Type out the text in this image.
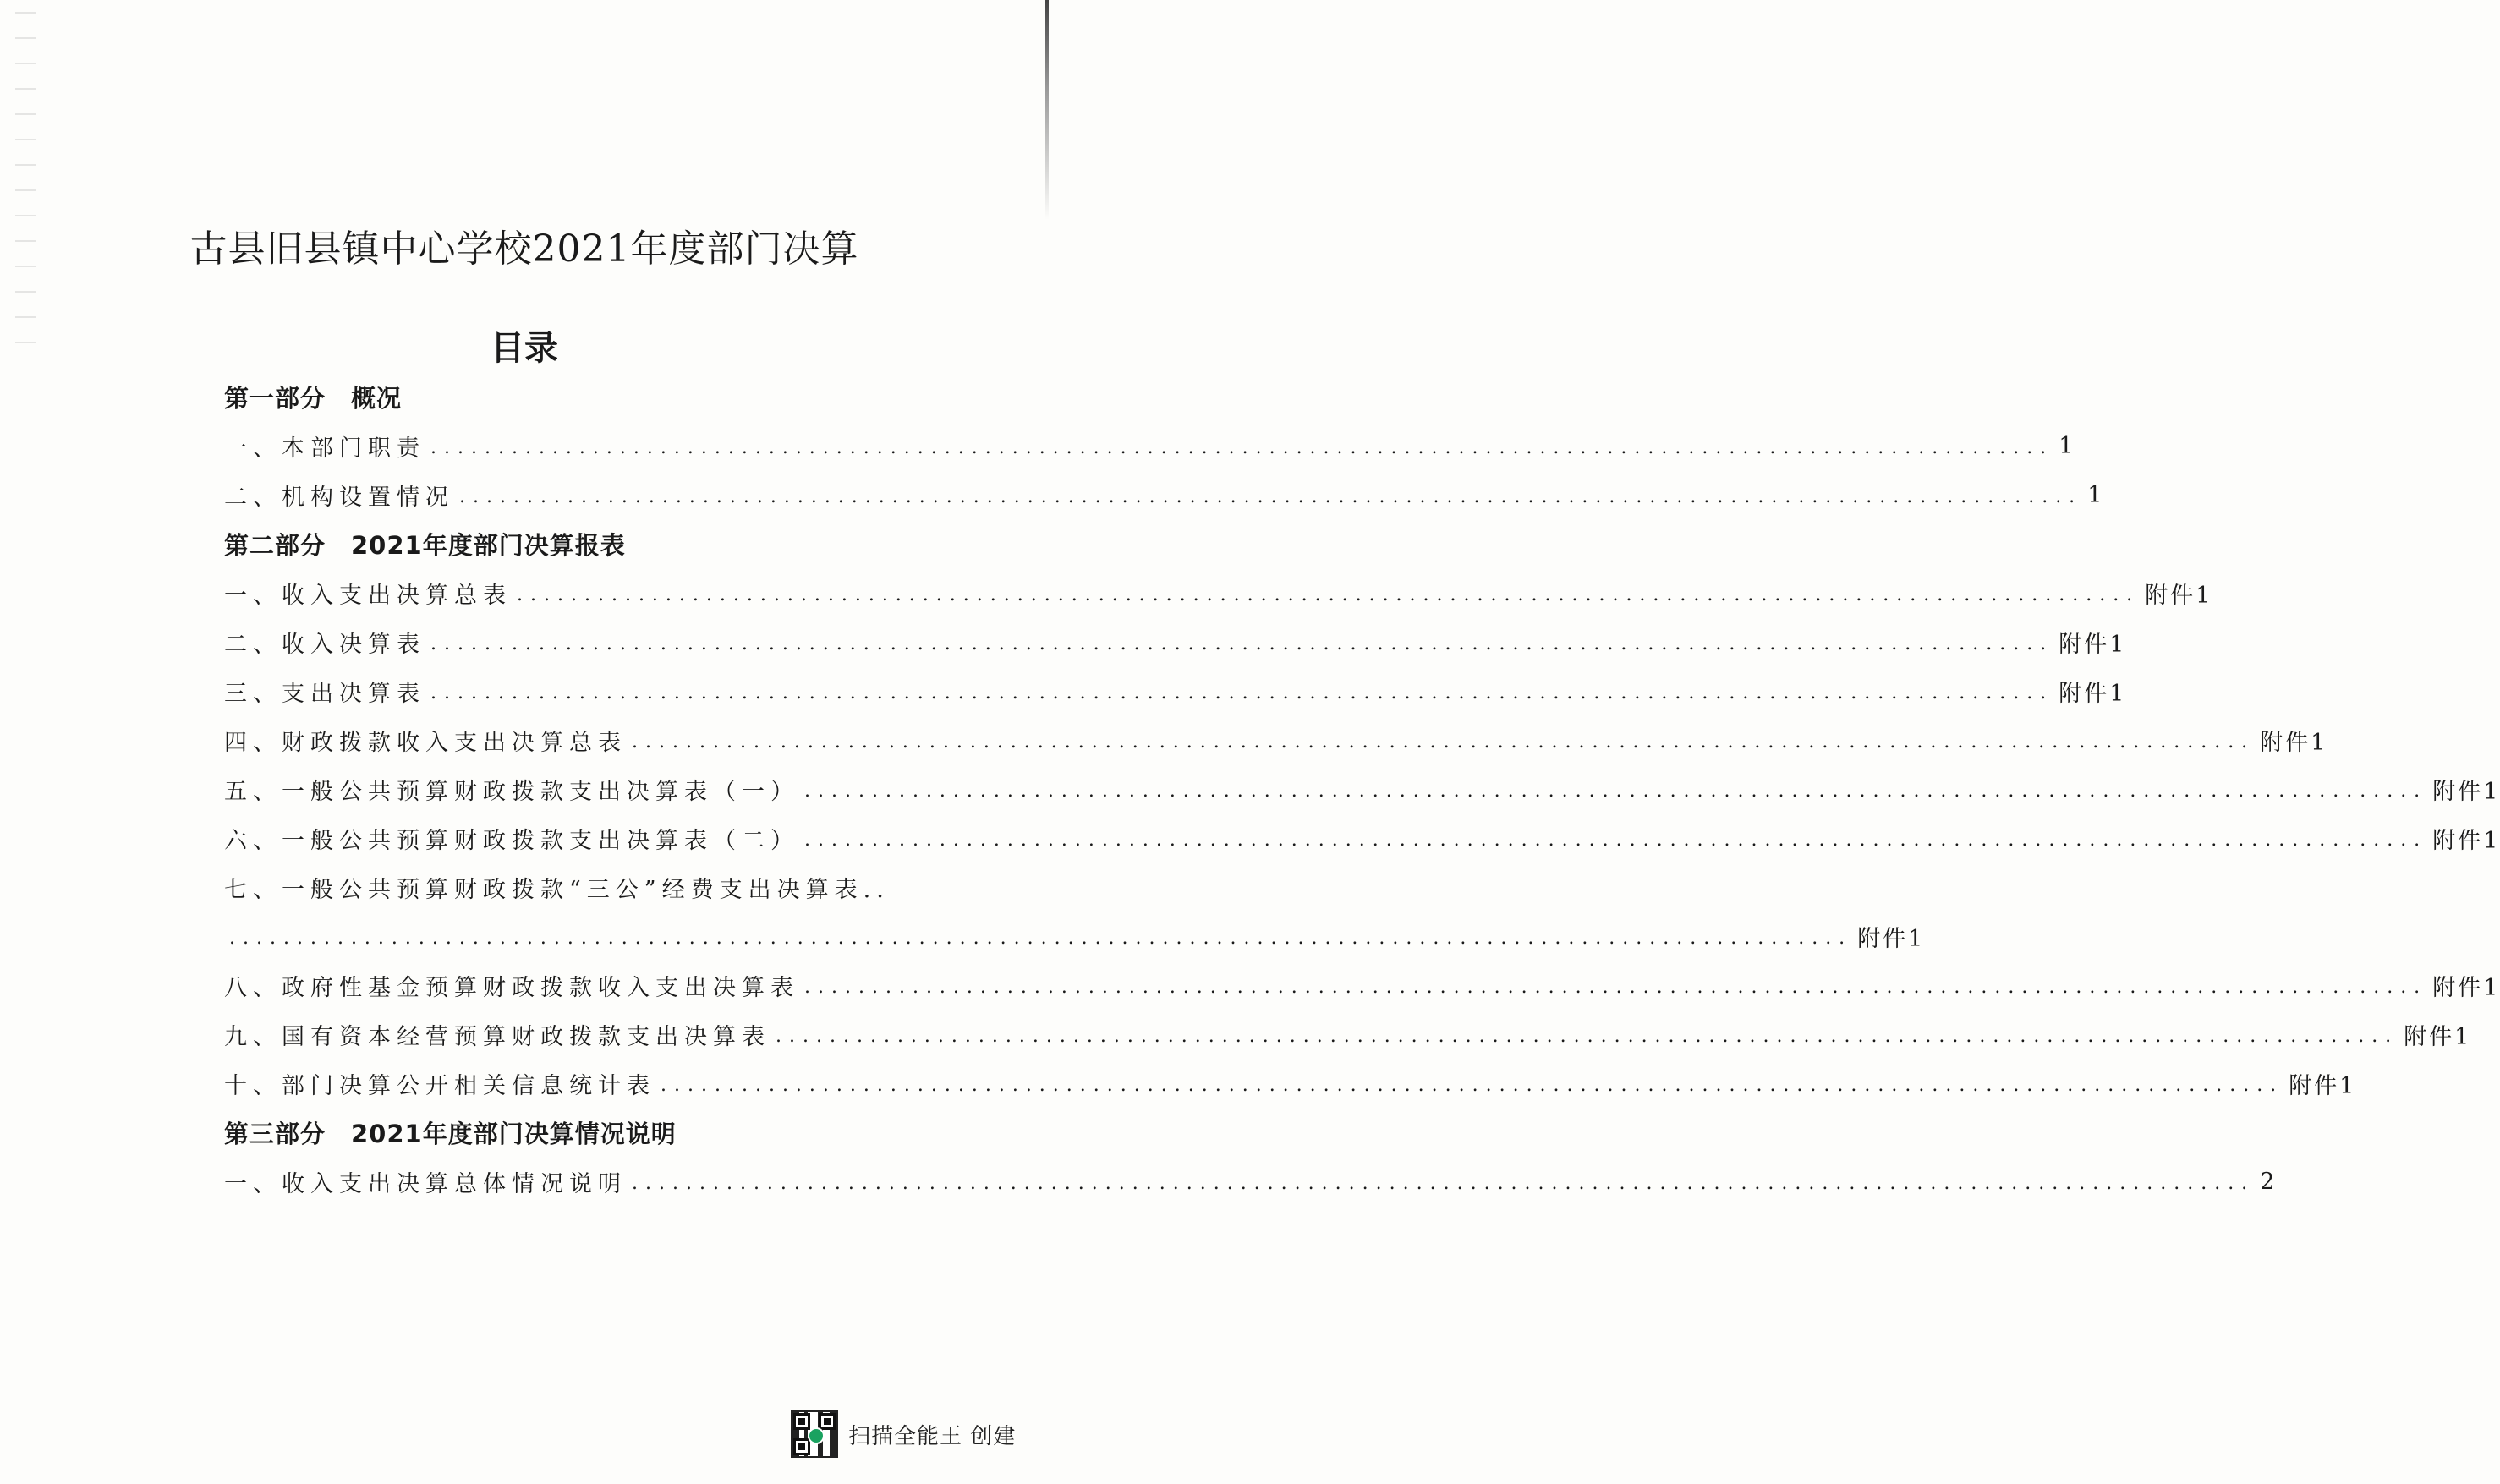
古县旧县镇中心学校2021年度部门决算
目录
第一部分　概况
一、本部门职责 ........................................................................................................................ 1
二、机构设置情况 ........................................................................................................................ 1
第二部分　2021年度部门决算报表
一、收入支出决算总表 ........................................................................................................................ 附件1
二、收入决算表 ........................................................................................................................ 附件1
三、支出决算表 ........................................................................................................................ 附件1
四、财政拨款收入支出决算总表 ........................................................................................................................ 附件1
五、一般公共预算财政拨款支出决算表（一） ........................................................................................................................ 附件1
六、一般公共预算财政拨款支出决算表（二） ........................................................................................................................ 附件1
七、一般公共预算财政拨款“三公”经费支出决算表..
........................................................................................................................ 附件1
八、政府性基金预算财政拨款收入支出决算表 ........................................................................................................................ 附件1
九、国有资本经营预算财政拨款支出决算表 ........................................................................................................................ 附件1
十、部门决算公开相关信息统计表 ........................................................................................................................ 附件1
第三部分　2021年度部门决算情况说明
一、收入支出决算总体情况说明 ........................................................................................................................ 2
扫描全能王 创建
